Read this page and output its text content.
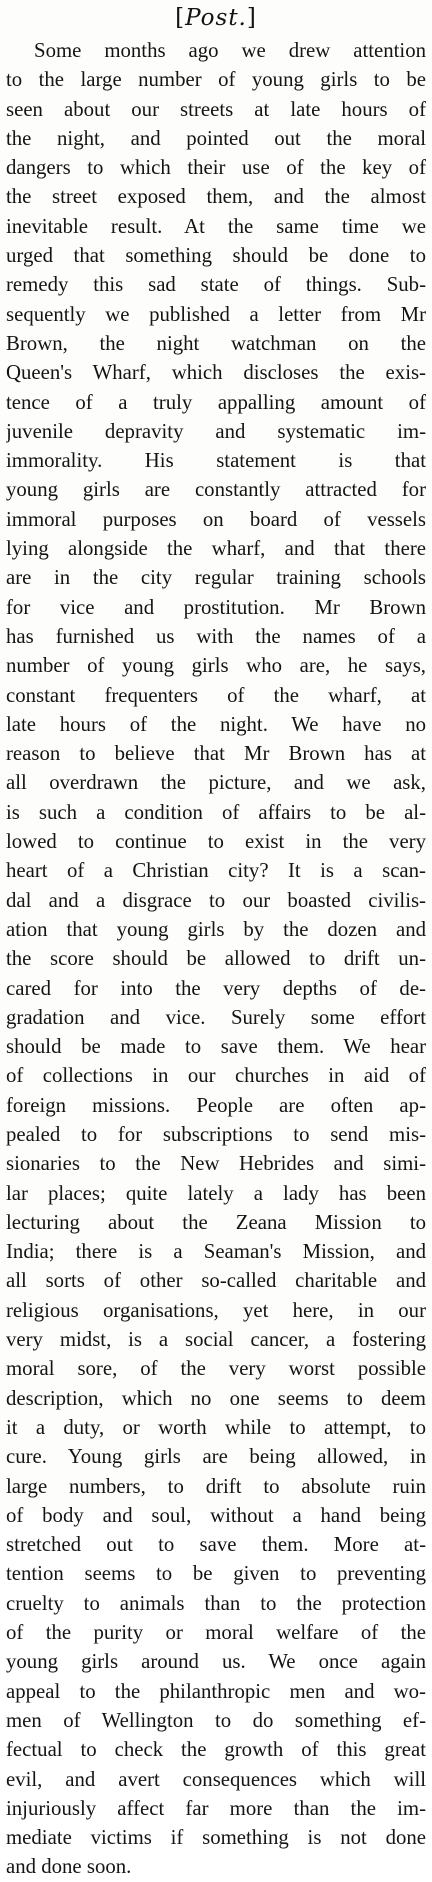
[Post.]
Some months ago we drew attention
to the large number of young girls to be
seen about our streets at late hours of
the night, and pointed out the moral
dangers to which their use of the key of
the street exposed them, and the almost
inevitable result. At the same time we
urged that something should be done to
remedy this sad state of things. Sub-
sequently we published a letter from Mr
Brown, the night watchman on the
Queen's Wharf, which discloses the exis-
tence of a truly appalling amount of
juvenile depravity and systematic im-
immorality. His statement is that
young girls are constantly attracted for
immoral purposes on board of vessels
lying alongside the wharf, and that there
are in the city regular training schools
for vice and prostitution. Mr Brown
has furnished us with the names of a
number of young girls who are, he says,
constant frequenters of the wharf, at
late hours of the night. We have no
reason to believe that Mr Brown has at
all overdrawn the picture, and we ask,
is such a condition of affairs to be al-
lowed to continue to exist in the very
heart of a Christian city? It is a scan-
dal and a disgrace to our boasted civilis-
ation that young girls by the dozen and
the score should be allowed to drift un-
cared for into the very depths of de-
gradation and vice. Surely some effort
should be made to save them. We hear
of collections in our churches in aid of
foreign missions. People are often ap-
pealed to for subscriptions to send mis-
sionaries to the New Hebrides and simi-
lar places; quite lately a lady has been
lecturing about the Zeana Mission to
India; there is a Seaman's Mission, and
all sorts of other so-called charitable and
religious organisations, yet here, in our
very midst, is a social cancer, a fostering
moral sore, of the very worst possible
description, which no one seems to deem
it a duty, or worth while to attempt, to
cure. Young girls are being allowed, in
large numbers, to drift to absolute ruin
of body and soul, without a hand being
stretched out to save them. More at-
tention seems to be given to preventing
cruelty to animals than to the protection
of the purity or moral welfare of the
young girls around us. We once again
appeal to the philanthropic men and wo-
men of Wellington to do something ef-
fectual to check the growth of this great
evil, and avert consequences which will
injuriously affect far more than the im-
mediate victims if something is not done
and done soon.
